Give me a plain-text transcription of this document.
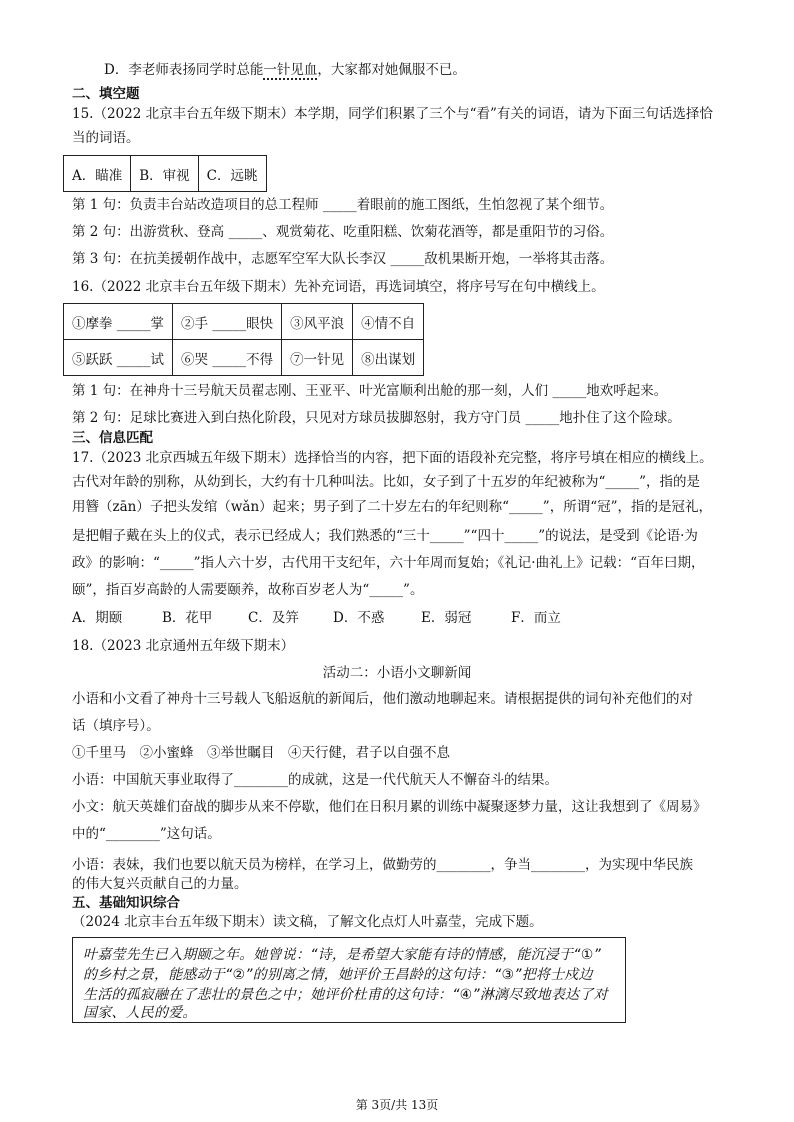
D．李老师表扬同学时总能一针见血，大家都对她佩服不已。
二、填空题
15.（2022 北京丰台五年级下期末）本学期，同学们积累了三个与“看”有关的词语，请为下面三句话选择恰
当的词语。
A．瞄准	B．审视	C．远眺
第 1 句：负责丰台站改造项目的总工程师 _____着眼前的施工图纸，生怕忽视了某个细节。
第 2 句：出游赏秋、登高 _____、观赏菊花、吃重阳糕、饮菊花酒等，都是重阳节的习俗。
第 3 句：在抗美援朝作战中，志愿军空军大队长李汉 _____敌机果断开炮，一举将其击落。
16.（2022 北京丰台五年级下期末）先补充词语，再选词填空，将序号写在句中横线上。
①摩拳 _____掌	②手 _____眼快	③风平浪	④情不自
⑤跃跃 _____试	⑥哭 _____不得	⑦一针见	⑧出谋划
第 1 句：在神舟十三号航天员翟志刚、王亚平、叶光富顺利出舱的那一刻，人们 _____地欢呼起来。
第 2 句：足球比赛进入到白热化阶段，只见对方球员拔脚怒射，我方守门员 _____地扑住了这个险球。
三、信息匹配
17.（2023 北京西城五年级下期末）选择恰当的内容，把下面的语段补充完整，将序号填在相应的横线上。
古代对年龄的别称，从幼到长，大约有十几种叫法。比如，女子到了十五岁的年纪被称为“_____”，指的是
用簪（zān）子把头发绾（wǎn）起来；男子到了二十岁左右的年纪则称“_____”，所谓“冠”，指的是冠礼，
是把帽子戴在头上的仪式，表示已经成人；我们熟悉的“三十_____”“四十_____”的说法，是受到《论语·为
政》的影响：“_____”指人六十岁，古代用干支纪年，六十年周而复始；《礼记·曲礼上》记载：“百年曰期，
颐”，指百岁高龄的人需要颐养，故称百岁老人为“_____”。
A．期颐	B．花甲	C．及笄	D．不惑	E．弱冠	F．而立
18.（2023 北京通州五年级下期末）
活动二：小语小文聊新闻
小语和小文看了神舟十三号载人飞船返航的新闻后，他们激动地聊起来。请根据提供的词句补充他们的对
话（填序号）。
①千里马　②小蜜蜂　③举世瞩目　④天行健，君子以自强不息
小语：中国航天事业取得了________的成就，这是一代代航天人不懈奋斗的结果。
小文：航天英雄们奋战的脚步从来不停歇，他们在日积月累的训练中凝聚逐梦力量，这让我想到了《周易》
中的“________”这句话。
小语：表妹，我们也要以航天员为榜样，在学习上，做勤劳的________，争当________，为实现中华民族
的伟大复兴贡献自己的力量。
五、基础知识综合
（2024 北京丰台五年级下期末）读文稿，了解文化点灯人叶嘉莹，完成下题。
叶嘉莹先生已入期颐之年。她曾说：“诗，是希望大家能有诗的情感，能沉浸于“①”
的乡村之景，能感动于“②”的别离之情，她评价王昌龄的这句诗：“③”把将士戍边
生活的孤寂融在了悲壮的景色之中；她评价杜甫的这句诗：“④”淋漓尽致地表达了对
国家、人民的爱。
第 3页/共 13页
